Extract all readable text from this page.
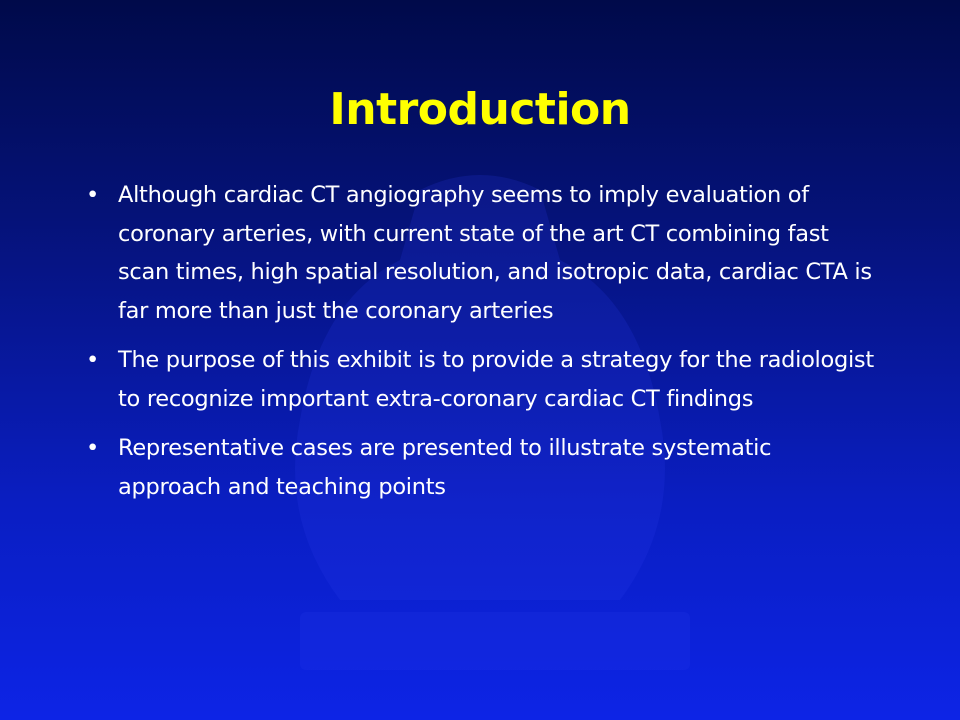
Introduction
• Although cardiac CT angiography seems to imply evaluation of coronary arteries, with current state of the art CT combining fast scan times, high spatial resolution, and isotropic data, cardiac CTA is far more than just the coronary arteries
• The purpose of this exhibit is to provide a strategy for the radiologist to recognize important extra-coronary cardiac CT findings
• Representative cases are presented to illustrate systematic approach and teaching points
